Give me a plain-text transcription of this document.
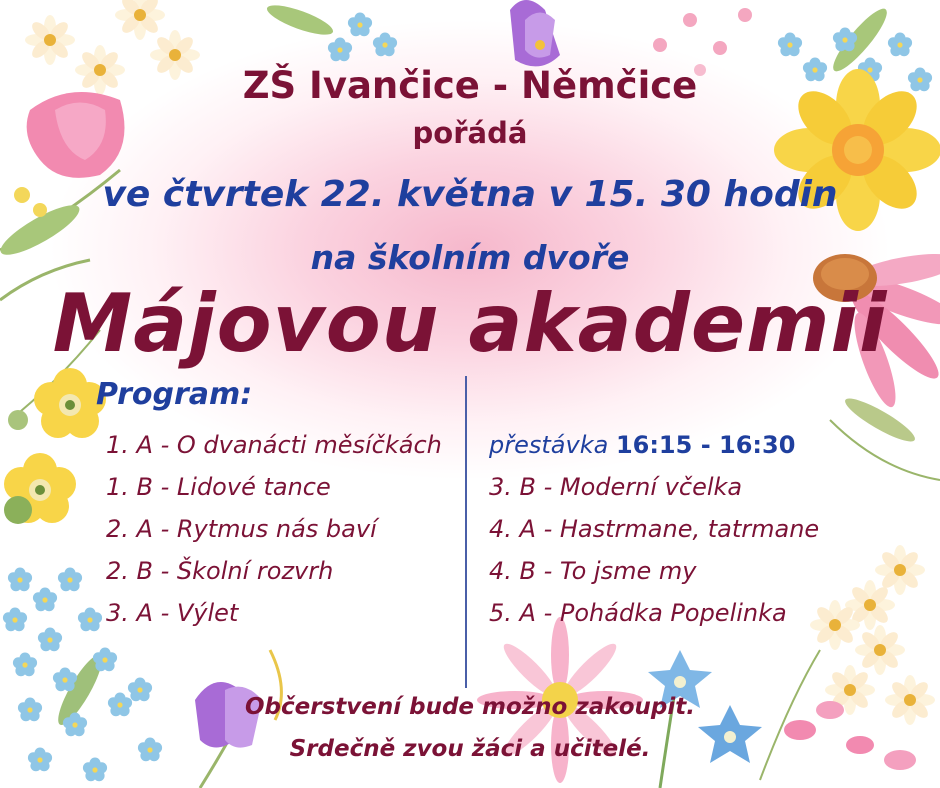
ZŠ Ivančice - Němčice
pořádá
ve čtvrtek 22. května v 15. 30 hodin
na školním dvoře
Májovou akademii
Program:
1. A - O dvanácti měsíčkách
1. B - Lidové tance
2. A - Rytmus nás baví
2. B - Školní rozvrh
3. A - Výlet
přestávka 16:15 - 16:30
3. B - Moderní včelka
4. A - Hastrmane, tatrmane
4. B - To jsme my
5. A - Pohádka Popelinka
Občerstvení bude možno zakoupit.
Srdečně zvou žáci a učitelé.
